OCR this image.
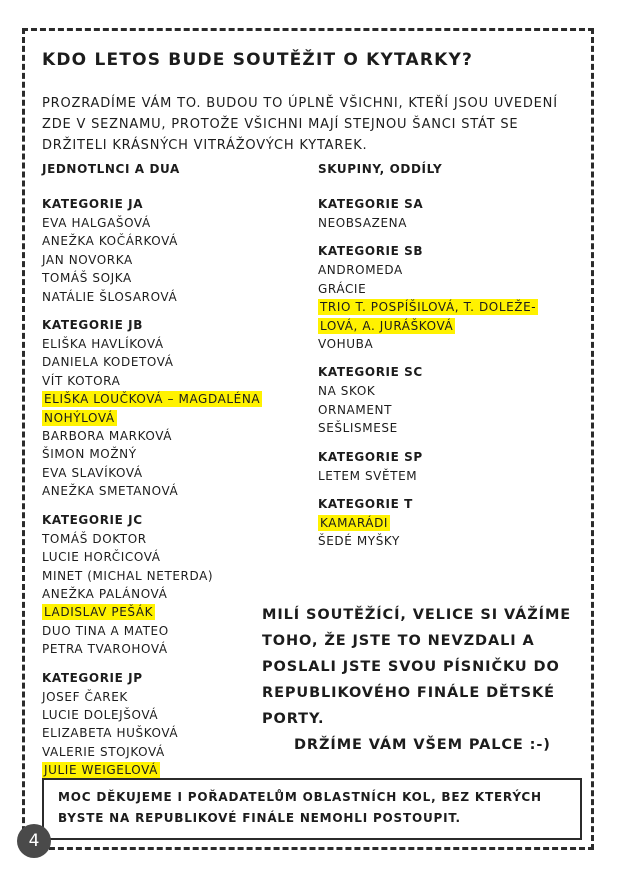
KDO LETOS BUDE SOUTĚŽIT O KYTARKY?
PROZRADÍME VÁM TO. BUDOU TO ÚPLNĚ VŠICHNI, KTEŘÍ JSOU UVEDENÍ ZDE V SEZNAMU, PROTOŽE VŠICHNI MAJÍ STEJNOU ŠANCI STÁT SE DRŽITELI KRÁSNÝCH VITRÁŽOVÝCH KYTAREK.
JEDNOTLNCI A DUA
KATEGORIE JA
EVA HALGAŠOVÁ
ANEŽKA KOČÁRKOVÁ
JAN NOVORKA
TOMÁŠ SOJKA
NATÁLIE ŠLOSAROVÁ
KATEGORIE JB
ELIŠKA HAVLÍKOVÁ
DANIELA KODETOVÁ
VÍT KOTORA
ELIŠKA LOUČKOVÁ – MAGDALÉNA
NOHÝLOVÁ
BARBORA MARKOVÁ
ŠIMON MOŽNÝ
EVA SLAVÍKOVÁ
ANEŽKA SMETANOVÁ
KATEGORIE JC
TOMÁŠ DOKTOR
LUCIE HORČICOVÁ
MINET (MICHAL NETERDA)
ANEŽKA PALÁNOVÁ
LADISLAV PEŠÁK
DUO TINA A MATEO
PETRA TVAROHOVÁ
KATEGORIE JP
JOSEF ČAREK
LUCIE DOLEJŠOVÁ
ELIZABETA HUŠKOVÁ
VALERIE STOJKOVÁ
JULIE WEIGELOVÁ
SKUPINY, ODDÍLY
KATEGORIE SA
NEOBSAZENA
KATEGORIE SB
ANDROMEDA
GRÁCIE
TRIO T. POSPÍŠILOVÁ, T. DOLEŽE-
LOVÁ, A. JURÁŠKOVÁ
VOHUBA
KATEGORIE SC
NA SKOK
ORNAMENT
SEŠLISMESE
KATEGORIE SP
LETEM SVĚTEM
KATEGORIE T
KAMARÁDI
ŠEDÉ MYŠKY
MILÍ SOUTĚŽÍCÍ, VELICE SI VÁŽÍME TOHO, ŽE JSTE TO NEVZDALI A POSLALI JSTE SVOU PÍSNIČKU DO REPUBLIKOVÉHO FINÁLE DĚTSKÉ PORTY.
DRŽÍME VÁM VŠEM PALCE :-)
MOC DĚKUJEME I POŘADATELŮM OBLASTNÍCH KOL, BEZ KTERÝCH BYSTE NA REPUBLIKOVÉ FINÁLE NEMOHLI POSTOUPIT.
4
